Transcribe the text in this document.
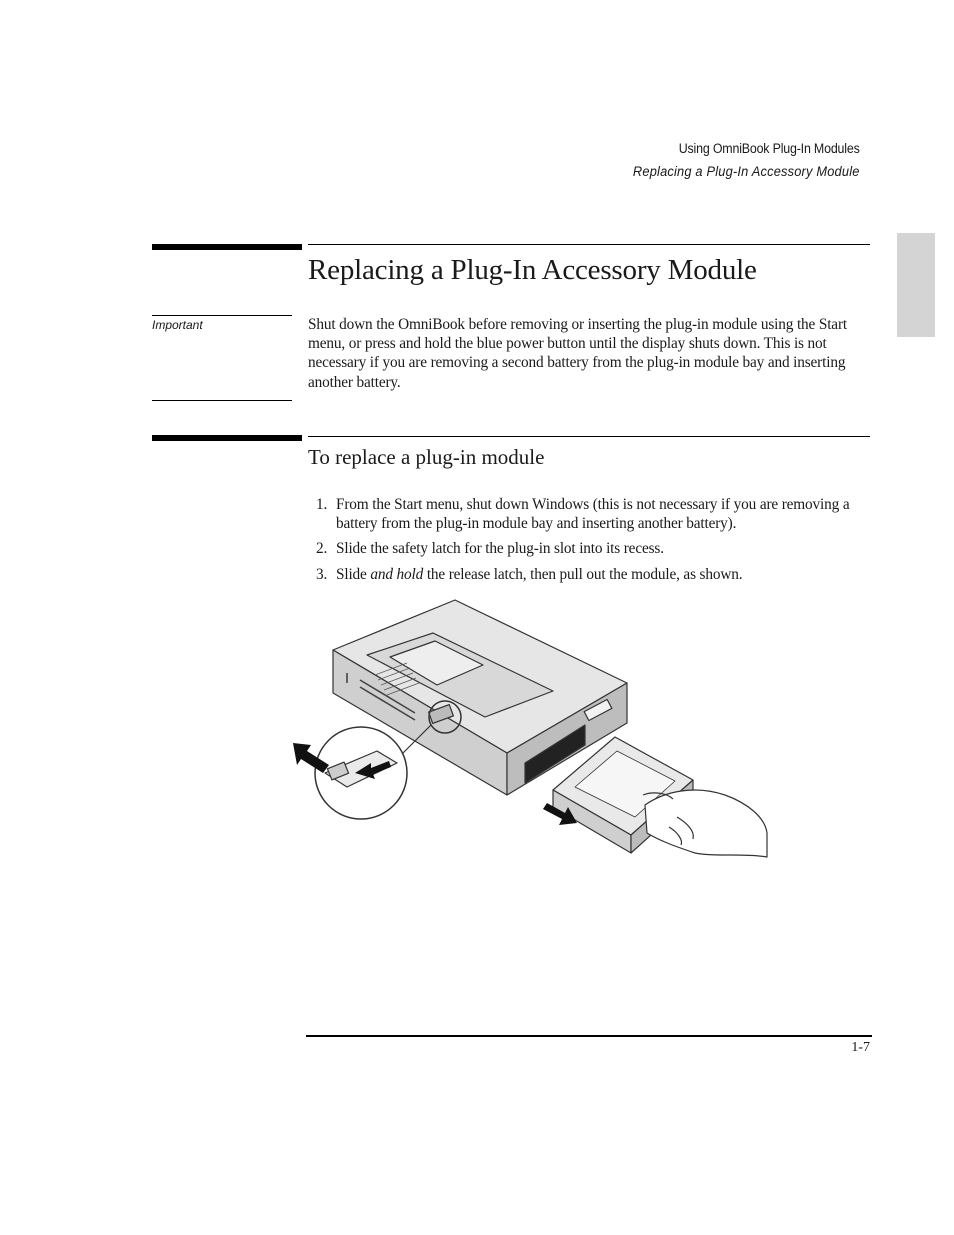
Using OmniBook Plug-In Modules
Replacing a Plug-In Accessory Module
Replacing a Plug-In Accessory Module
Important	Shut down the OmniBook before removing or inserting the plug-in module using the Start menu, or press and hold the blue power button until the display shuts down. This is not necessary if you are removing a second battery from the plug-in module bay and inserting another battery.

To replace a plug-in module
1. From the Start menu, shut down Windows (this is not necessary if you are removing a battery from the plug-in module bay and inserting another battery).
2. Slide the safety latch for the plug-in slot into its recess.
3. Slide and hold the release latch, then pull out the module, as shown.
1-7
